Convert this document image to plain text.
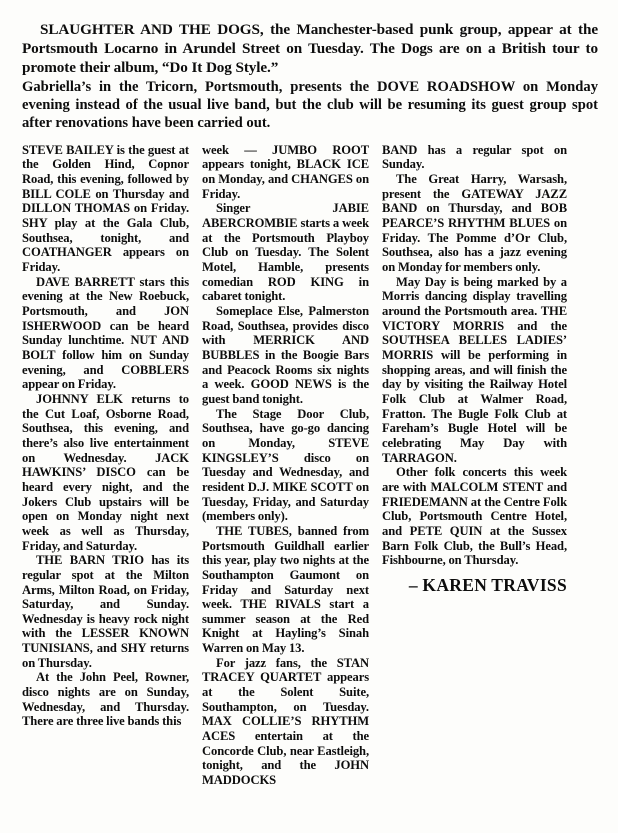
SLAUGHTER AND THE DOGS, the Manchester-based punk group, appear at the Portsmouth Locarno in Arundel Street on Tuesday. The Dogs are on a British tour to promote their album, “Do It Dog Style.”

Gabriella’s in the Tricorn, Portsmouth, presents the DOVE ROADSHOW on Monday evening instead of the usual live band, but the club will be resuming its guest group spot after renovations have been carried out.

STEVE BAILEY is the guest at the Golden Hind, Copnor Road, this evening, followed by BILL COLE on Thursday and DILLON THOMAS on Friday. SHY play at the Gala Club, Southsea, tonight, and COATHANGER appears on Friday.

DAVE BARRETT stars this evening at the New Roebuck, Portsmouth, and JON ISHERWOOD can be heard Sunday lunchtime. NUT AND BOLT follow him on Sunday evening, and COBBLERS appear on Friday.

JOHNNY ELK returns to the Cut Loaf, Osborne Road, Southsea, this evening, and there’s also live entertainment on Wednesday. JACK HAWKINS’ DISCO can be heard every night, and the Jokers Club upstairs will be open on Monday night next week as well as Thursday, Friday, and Saturday.

THE BARN TRIO has its regular spot at the Milton Arms, Milton Road, on Friday, Saturday, and Sunday. Wednesday is heavy rock night with the LESSER KNOWN TUNISIANS, and SHY returns on Thursday.

At the John Peel, Rowner, disco nights are on Sunday, Wednesday, and Thursday. There are three live bands this

week — JUMBO ROOT appears tonight, BLACK ICE on Monday, and CHANGES on Friday.

Singer JABIE ABERCROMBIE starts a week at the Portsmouth Playboy Club on Tuesday. The Solent Motel, Hamble, presents comedian ROD KING in cabaret tonight.

Someplace Else, Palmerston Road, Southsea, provides disco with MERRICK AND BUBBLES in the Boogie Bars and Peacock Rooms six nights a week. GOOD NEWS is the guest band tonight.

The Stage Door Club, Southsea, have go-go dancing on Monday, STEVE KINGSLEY’S disco on Tuesday and Wednesday, and resident D.J. MIKE SCOTT on Tuesday, Friday, and Saturday (members only).

THE TUBES, banned from Portsmouth Guildhall earlier this year, play two nights at the Southampton Gaumont on Friday and Saturday next week. THE RIVALS start a summer season at the Red Knight at Hayling’s Sinah Warren on May 13.

For jazz fans, the STAN TRACEY QUARTET appears at the Solent Suite, Southampton, on Tuesday. MAX COLLIE’S RHYTHM ACES entertain at the Concorde Club, near Eastleigh, tonight, and the JOHN MADDOCKS

BAND has a regular spot on Sunday.

The Great Harry, Warsash, present the GATEWAY JAZZ BAND on Thursday, and BOB PEARCE’S RHYTHM BLUES on Friday. The Pomme d’Or Club, Southsea, also has a jazz evening on Monday for members only.

May Day is being marked by a Morris dancing display travelling around the Portsmouth area. THE VICTORY MORRIS and the SOUTHSEA BELLES LADIES’ MORRIS will be performing in shopping areas, and will finish the day by visiting the Railway Hotel Folk Club at Walmer Road, Fratton. The Bugle Folk Club at Fareham’s Bugle Hotel will be celebrating May Day with TARRAGON.

Other folk concerts this week are with MALCOLM STENT and FRIEDEMANN at the Centre Folk Club, Portsmouth Centre Hotel, and PETE QUIN at the Sussex Barn Folk Club, the Bull’s Head, Fishbourne, on Thursday.

– KAREN TRAVISS
